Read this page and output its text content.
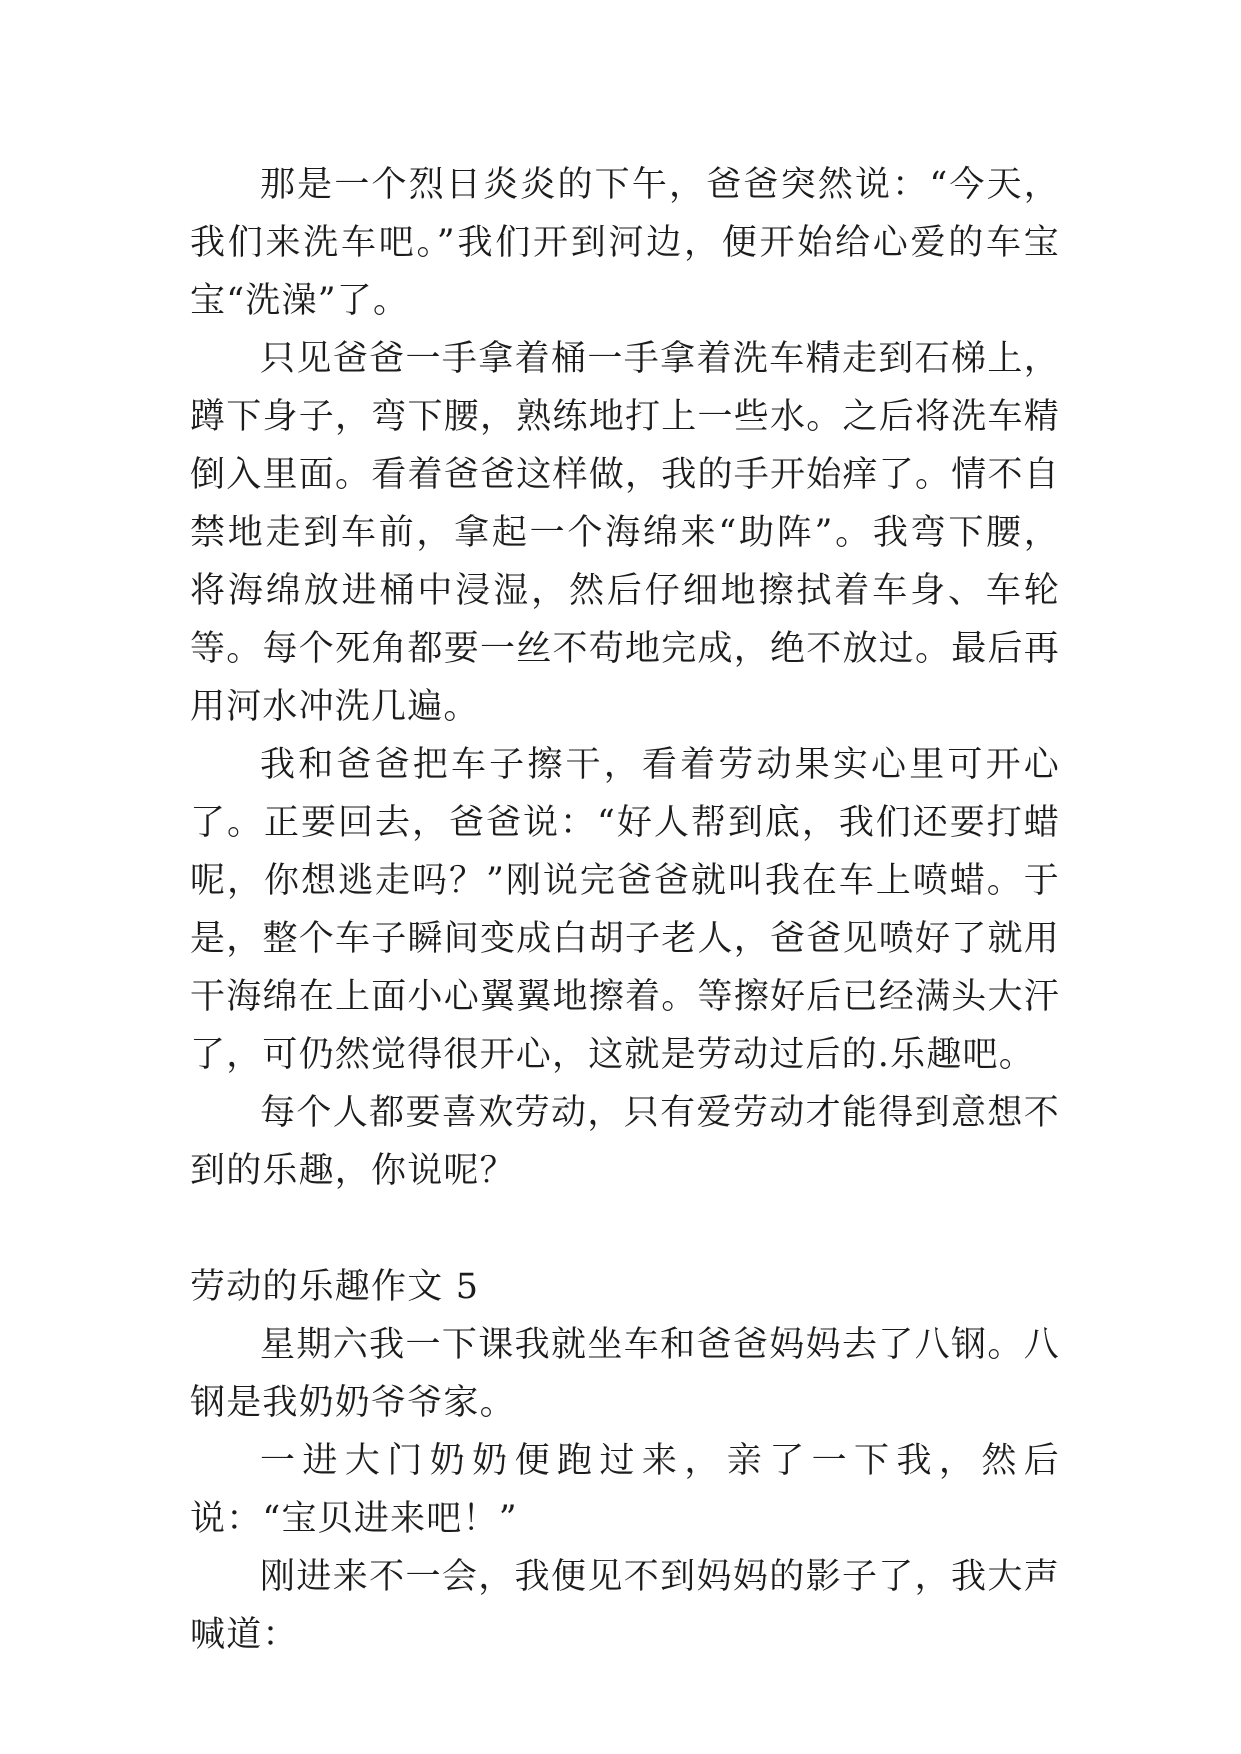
那是一个烈日炎炎的下午，爸爸突然说：“今天，我们来洗车吧。”我们开到河边，便开始给心爱的车宝宝“洗澡”了。

只见爸爸一手拿着桶一手拿着洗车精走到石梯上，蹲下身子，弯下腰，熟练地打上一些水。之后将洗车精倒入里面。看着爸爸这样做，我的手开始痒了。情不自禁地走到车前，拿起一个海绵来“助阵”。我弯下腰，将海绵放进桶中浸湿，然后仔细地擦拭着车身、车轮等。每个死角都要一丝不苟地完成，绝不放过。最后再用河水冲洗几遍。

我和爸爸把车子擦干，看着劳动果实心里可开心了。正要回去，爸爸说：“好人帮到底，我们还要打蜡呢，你想逃走吗？”刚说完爸爸就叫我在车上喷蜡。于是，整个车子瞬间变成白胡子老人，爸爸见喷好了就用干海绵在上面小心翼翼地擦着。等擦好后已经满头大汗了，可仍然觉得很开心，这就是劳动过后的.乐趣吧。

每个人都要喜欢劳动，只有爱劳动才能得到意想不到的乐趣，你说呢？

劳动的乐趣作文 5

星期六我一下课我就坐车和爸爸妈妈去了八钢。八钢是我奶奶爷爷家。

一进大门奶奶便跑过来，亲了一下我，然后说：“宝贝进来吧！”

刚进来不一会，我便见不到妈妈的影子了，我大声喊道：
